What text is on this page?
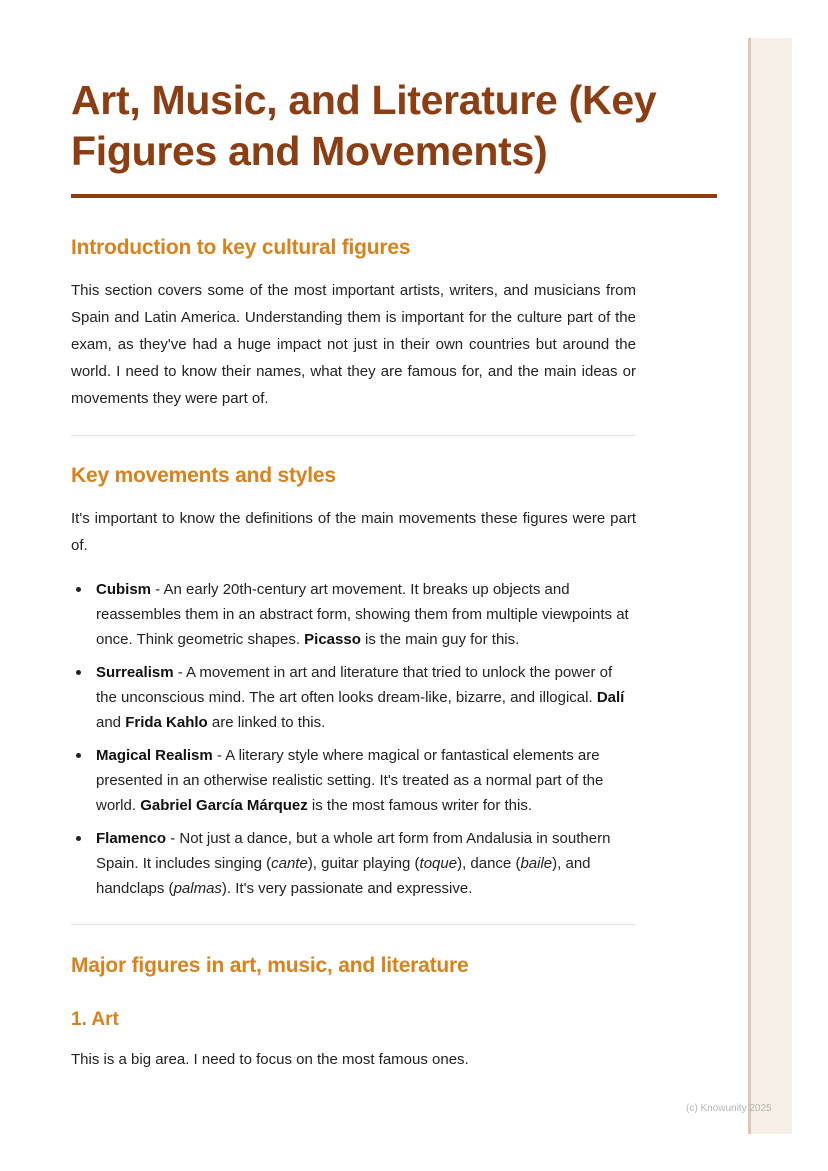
Art, Music, and Literature (Key Figures and Movements)
Introduction to key cultural figures

This section covers some of the most important artists, writers, and musicians from Spain and Latin America. Understanding them is important for the culture part of the exam, as they've had a huge impact not just in their own countries but around the world. I need to know their names, what they are famous for, and the main ideas or movements they were part of.

Key movements and styles

It's important to know the definitions of the main movements these figures were part of.

Cubism - An early 20th-century art movement. It breaks up objects and reassembles them in an abstract form, showing them from multiple viewpoints at once. Think geometric shapes. Picasso is the main guy for this.
Surrealism - A movement in art and literature that tried to unlock the power of the unconscious mind. The art often looks dream-like, bizarre, and illogical. Dalí and Frida Kahlo are linked to this.
Magical Realism - A literary style where magical or fantastical elements are presented in an otherwise realistic setting. It's treated as a normal part of the world. Gabriel García Márquez is the most famous writer for this.
Flamenco - Not just a dance, but a whole art form from Andalusia in southern Spain. It includes singing (cante), guitar playing (toque), dance (baile), and handclaps (palmas). It's very passionate and expressive.
Major figures in art, music, and literature
1. Art

This is a big area. I need to focus on the most famous ones.

(c) Knowunity 2025
